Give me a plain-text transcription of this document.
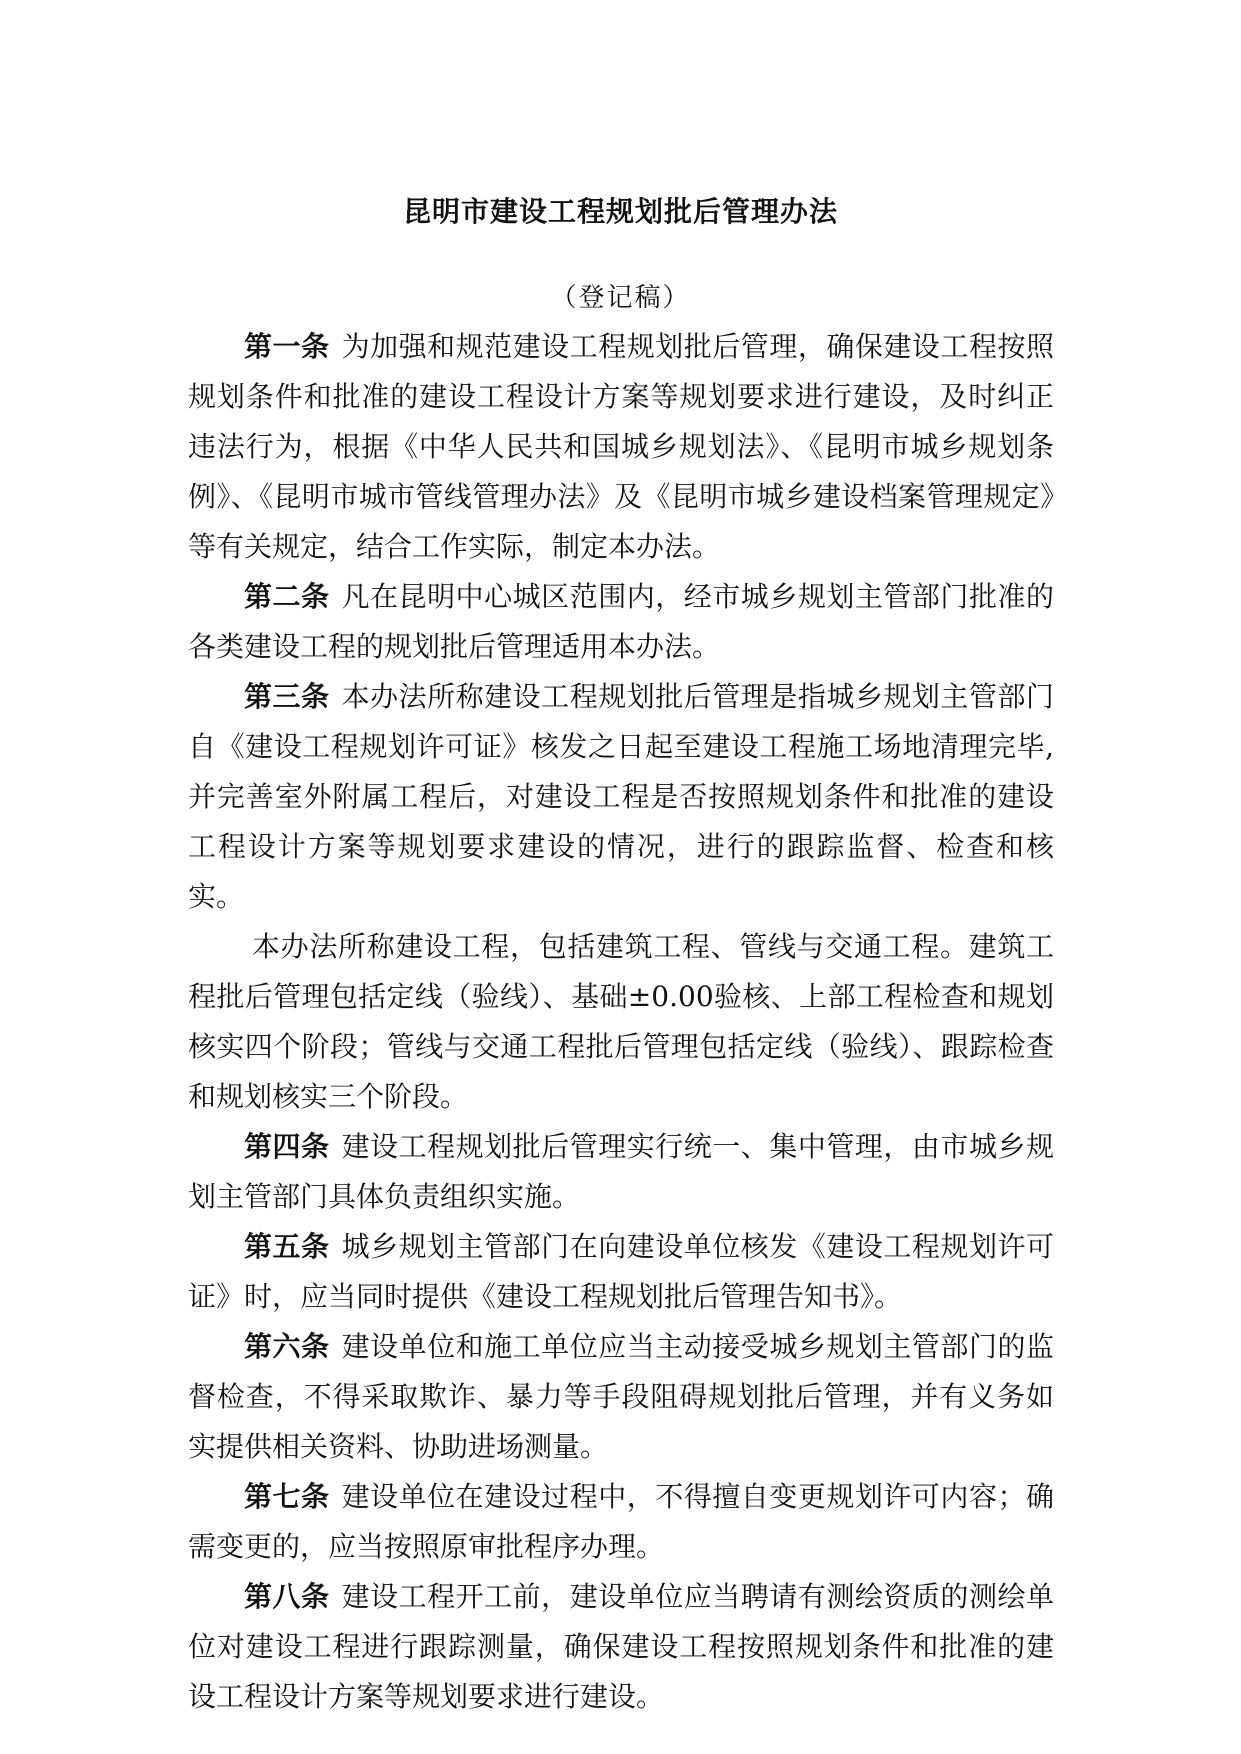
昆明市建设工程规划批后管理办法
（登记稿）

第一条 为加强和规范建设工程规划批后管理，确保建设工程按照规划条件和批准的建设工程设计方案等规划要求进行建设，及时纠正违法行为，根据《中华人民共和国城乡规划法》、《昆明市城乡规划条例》、《昆明市城市管线管理办法》及《昆明市城乡建设档案管理规定》等有关规定，结合工作实际，制定本办法。

第二条 凡在昆明中心城区范围内，经市城乡规划主管部门批准的各类建设工程的规划批后管理适用本办法。

第三条 本办法所称建设工程规划批后管理是指城乡规划主管部门自《建设工程规划许可证》核发之日起至建设工程施工场地清理完毕,并完善室外附属工程后，对建设工程是否按照规划条件和批准的建设工程设计方案等规划要求建设的情况，进行的跟踪监督、检查和核实。

本办法所称建设工程，包括建筑工程、管线与交通工程。建筑工程批后管理包括定线（验线）、基础±0.00验核、上部工程检查和规划核实四个阶段；管线与交通工程批后管理包括定线（验线）、跟踪检查和规划核实三个阶段。

第四条 建设工程规划批后管理实行统一、集中管理，由市城乡规划主管部门具体负责组织实施。

第五条 城乡规划主管部门在向建设单位核发《建设工程规划许可证》时，应当同时提供《建设工程规划批后管理告知书》。

第六条 建设单位和施工单位应当主动接受城乡规划主管部门的监督检查，不得采取欺诈、暴力等手段阻碍规划批后管理，并有义务如实提供相关资料、协助进场测量。

第七条 建设单位在建设过程中，不得擅自变更规划许可内容；确需变更的，应当按照原审批程序办理。

第八条 建设工程开工前，建设单位应当聘请有测绘资质的测绘单位对建设工程进行跟踪测量，确保建设工程按照规划条件和批准的建设工程设计方案等规划要求进行建设。
